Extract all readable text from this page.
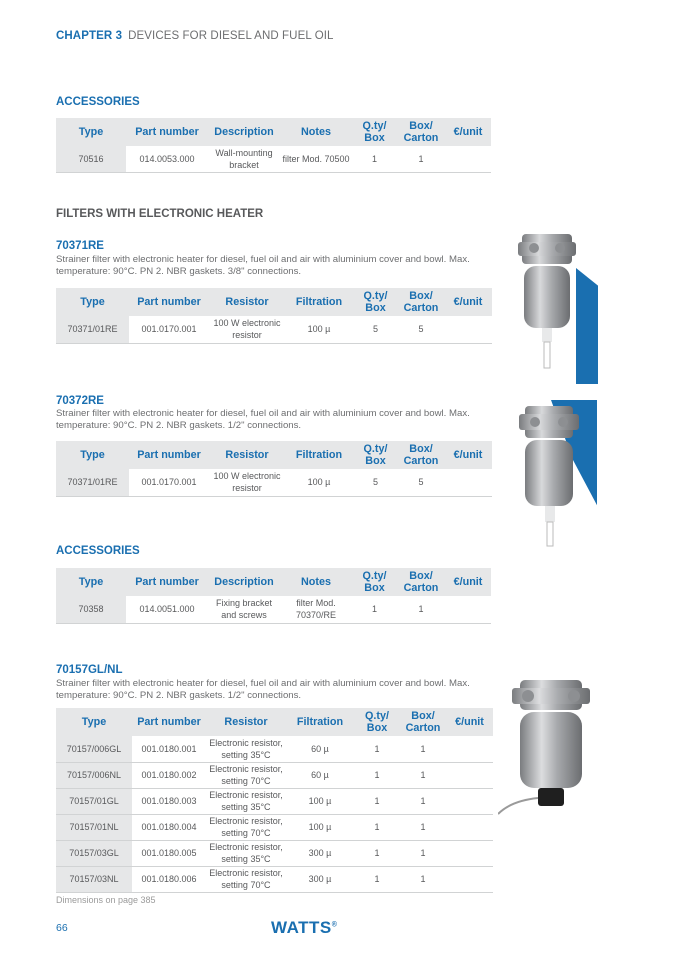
CHAPTER 3 DEVICES FOR DIESEL AND FUEL OIL
ACCESSORIES
Type	Part number	Description	Notes	Q.ty/ Box	Box/ Carton	€/unit
70516	014.0053.000	Wall-mounting bracket	filter Mod. 70500	1	1	
FILTERS WITH ELECTRONIC HEATER
70371RE
Strainer filter with electronic heater for diesel, fuel oil and air with aluminium cover and bowl. Max. temperature: 90°C. PN 2. NBR gaskets. 3/8" connections.
Type	Part number	Resistor	Filtration	Q.ty/ Box	Box/ Carton	€/unit
70371/01RE	001.0170.001	100 W electronic resistor	100 µ	5	5	
70372RE
Strainer filter with electronic heater for diesel, fuel oil and air with aluminium cover and bowl. Max. temperature: 90°C. PN 2. NBR gaskets. 1/2" connections.
Type	Part number	Resistor	Filtration	Q.ty/ Box	Box/ Carton	€/unit
70371/01RE	001.0170.001	100 W electronic resistor	100 µ	5	5	
ACCESSORIES
Type	Part number	Description	Notes	Q.ty/ Box	Box/ Carton	€/unit
70358	014.0051.000	Fixing bracket and screws	filter Mod. 70370/RE	1	1	
70157GL/NL
Strainer filter with electronic heater for diesel, fuel oil and air with aluminium cover and bowl. Max. temperature: 90°C. PN 2. NBR gaskets. 1/2" connections.
Type	Part number	Resistor	Filtration	Q.ty/ Box	Box/ Carton	€/unit
70157/006GL	001.0180.001	Electronic resistor, setting 35°C	60 µ	1	1	
70157/006NL	001.0180.002	Electronic resistor, setting 70°C	60 µ	1	1	
70157/01GL	001.0180.003	Electronic resistor, setting 35°C	100 µ	1	1	
70157/01NL	001.0180.004	Electronic resistor, setting 70°C	100 µ	1	1	
70157/03GL	001.0180.005	Electronic resistor, setting 35°C	300 µ	1	1	
70157/03NL	001.0180.006	Electronic resistor, setting 70°C	300 µ	1	1	
Dimensions on page 385
66	WATTS®
